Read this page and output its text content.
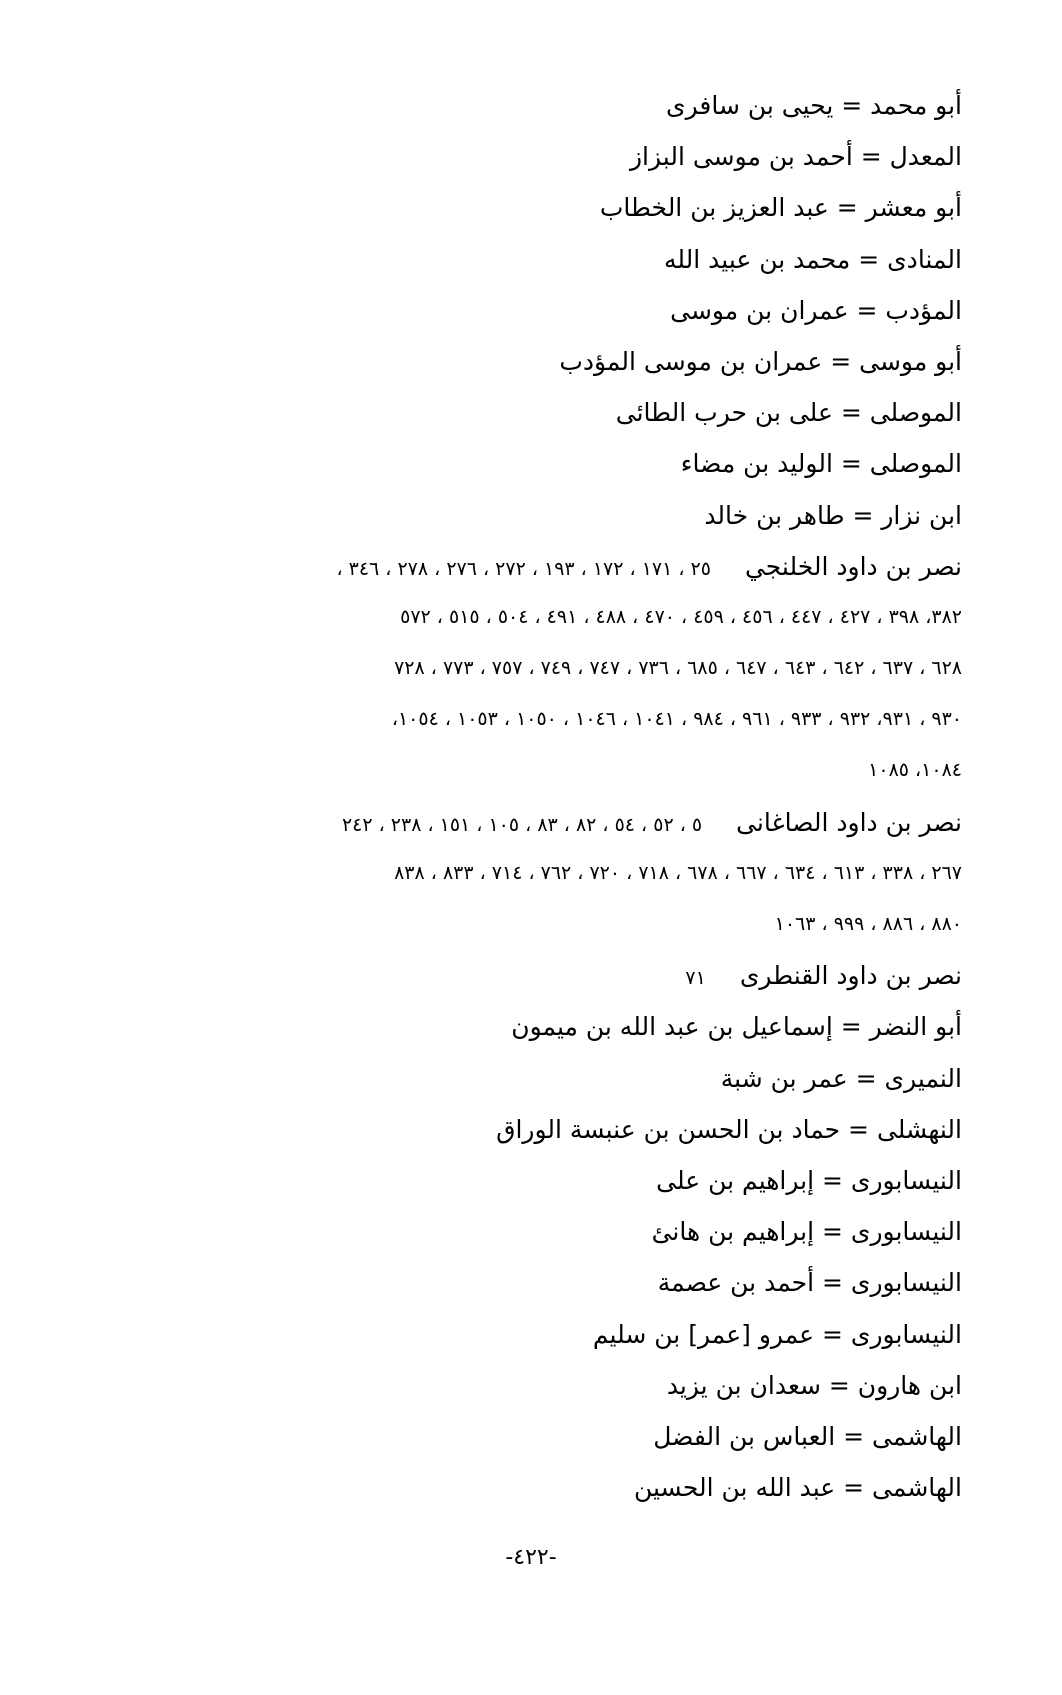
أبو محمد = يحيى بن سافرى
المعدل = أحمد بن موسى البزاز
أبو معشر = عبد العزيز بن الخطاب
المنادى = محمد بن عبيد الله
المؤدب = عمران بن موسى
أبو موسى = عمران بن موسى المؤدب
الموصلى = على بن حرب الطائى
الموصلى = الوليد بن مضاء
ابن نزار = طاهر بن خالد
نصر بن داود الخلنجي٢٥ ، ١٧١ ، ١٧٢ ، ١٩٣ ، ٢٧٢ ، ٢٧٦ ، ٢٧٨ ، ٣٤٦ ،
٣٨٢، ٣٩٨ ، ٤٢٧ ، ٤٤٧ ، ٤٥٦ ، ٤٥٩ ، ٤٧٠ ، ٤٨٨ ، ٤٩١ ، ٥٠٤ ، ٥١٥ ، ٥٧٢
٦٢٨ ، ٦٣٧ ، ٦٤٢ ، ٦٤٣ ، ٦٤٧ ، ٦٨٥ ، ٧٣٦ ، ٧٤٧ ، ٧٤٩ ، ٧٥٧ ، ٧٧٣ ، ٧٢٨
٩٣٠ ، ٩٣١، ٩٣٢ ، ٩٣٣ ، ٩٦١ ، ٩٨٤ ، ١٠٤١ ، ١٠٤٦ ، ١٠٥٠ ، ١٠٥٣ ، ١٠٥٤،
١٠٨٤، ١٠٨٥
نصر بن داود الصاغانى٥ ، ٥٢ ، ٥٤ ، ٨٢ ، ٨٣ ، ١٠٥ ، ١٥١ ، ٢٣٨ ، ٢٤٢
٢٦٧ ، ٣٣٨ ، ٦١٣ ، ٦٣٤ ، ٦٦٧ ، ٦٧٨ ، ٧١٨ ، ٧٢٠ ، ٧٦٢ ، ٧١٤ ، ٨٣٣ ، ٨٣٨
٨٨٠ ، ٨٨٦ ، ٩٩٩ ، ١٠٦٣
نصر بن داود القنطرى٧١
أبو النضر = إسماعيل بن عبد الله بن ميمون
النميرى = عمر بن شبة
النهشلى = حماد بن الحسن بن عنبسة الوراق
النيسابورى = إبراهيم بن على
النيسابورى = إبراهيم بن هانئ
النيسابورى = أحمد بن عصمة
النيسابورى = عمرو [عمر] بن سليم
ابن هارون = سعدان بن يزيد
الهاشمى = العباس بن الفضل
الهاشمى = عبد الله بن الحسين
-٤٢٢-
